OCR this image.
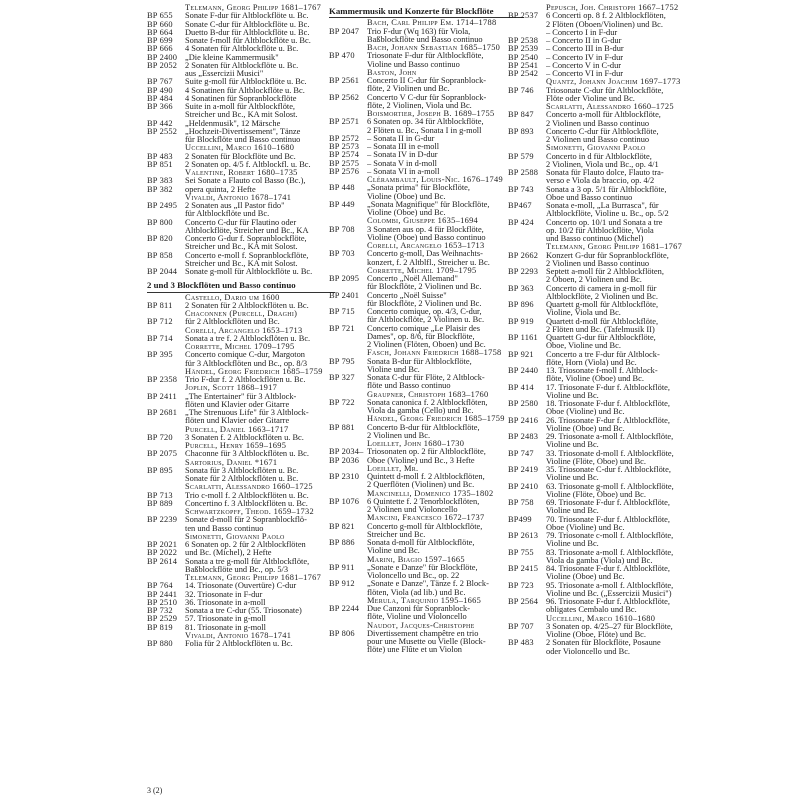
Telemann, Georg Philipp 1681–1767
BP 655	Sonate F-dur für Altblockflöte u. Bc.
BP 660	Sonate C-dur für Altblockflöte u. Bc.
BP 664	Duetto B-dur für Altblockflöte u. Bc.
BP 699	Sonate f-moll für Altblockflöte u. Bc.
BP 666	4 Sonaten für Altblockflöte u. Bc.
BP 2400 „Die kleine Kammermusik"
BP 2052 2 Sonaten für Altblockflöte u. Bc.
aus „Essercizii Musici"
BP 767	Suite g-moll für Altblockflöte u. Bc.
BP 490	4 Sonatinen für Altblockflöte u. Bc.
BP 484	4 Sonatinen für Sopranblockflöte
BP 366	Suite in a-moll für Altblockflöte,
Streicher und Bc., KA mit Solost.
BP 442	„Heldenmusik", 12 Märsche
BP 2552 „Hochzeit-Divertissement", Tänze
für Blockflöte und Basso continuo
Uccellini, Marco 1610–1680
BP 483	2 Sonaten für Blockflöte und Bc.
BP 851	2 Sonaten op. 4/5 f. Altblockfl. u. Bc.
Valentine, Robert 1680–1735
BP 383	Sei Sonate a Flauto col Basso (Bc.),
BP 382	opera quinta, 2 Hefte
Vivaldi, Antonio 1678–1741
BP 2495 2 Sonaten aus „Il Pastor fido"
für Altblockflöte und Bc.
BP 800	Concerto C-dur für Flautino oder
Altblockflöte, Streicher und Bc., KA
BP 820	Concerto G-dur f. Sopranblockflöte,
Streicher und Bc., KA mit Solost.
BP 858	Concerto e-moll f. Sopranblockflöte,
Streicher und Bc., KA mit Solost.
BP 2044 Sonate g-moll für Altblockflöte u. Bc.
2 und 3 Blockflöten und Basso continuo
Castello, Dario um 1600
BP 811	2 Sonaten für 2 Altblockflöten u. Bc.
Chaconnen (Purcell, Draghi)
BP 712	für 2 Altblockflöten und Bc.
Corelli, Arcangelo 1653–1713
BP 714	Sonata a tre f. 2 Altblockflöten u. Bc.
Corrette, Michel 1709–1795
BP 395	Concerto comique C-dur, Margoton
für 3 Altblockflöten und Bc., op. 8/3
Händel, Georg Friedrich 1685–1759
BP 2358 Trio F-dur f. 2 Altblockflöten u. Bc.
Joplin, Scott 1868–1917
BP 2411 „The Entertainer" für 3 Altblock-
flöten und Klavier oder Gitarre
BP 2681 „The Strenuous Life" für 3 Altblock-
flöten und Klavier oder Gitarre
Purcell, Daniel 1663–1717
BP 720	3 Sonaten f. 2 Altblockflöten u. Bc.
Purcell, Henry 1659–1695
BP 2075 Chaconne für 3 Altblockflöten u. Bc.
Sartorius, Daniel *1671
BP 895	Sonata für 3 Altblockflöten u. Bc.
Sonate für 2 Altblockflöten u. Bc.
Scarlatti, Alessandro 1660–1725
BP 713	Trio c-moll f. 2 Altblockflöten u. Bc.
BP 889	Concertino f. 3 Altblockflöten u. Bc.
Schwartzkopff, Theod. 1659–1732
BP 2239 Sonate d-moll für 2 Sopranblockflö-
ten und Basso continuo
Simonetti, Giovanni Paolo
BP 2021 6 Sonaten op. 2 für 2 Altblockflöten
BP 2022 und Bc. (Michel), 2 Hefte
BP 2614 Sonata a tre g-moll für Altblockflöte,
Baßblockflöte und Bc., op. 5/3
Telemann, Georg Philipp 1681–1767
BP 764	14. Triosonate (Ouvertüre) C-dur
BP 2441 32. Triosonate in F-dur
BP 2510 36. Triosonate in a-moll
BP 732	Sonata a tre C-dur (55. Triosonate)
BP 2529 57. Triosonate in g-moll
BP 819	81. Triosonate in g-moll
Vivaldi, Antonio 1678–1741
BP 880	Folia für 2 Altblockflöten u. Bc.
Kammermusik und Konzerte für Blockflöte
Bach, Carl Philipp Em. 1714–1788
BP 2047 Trio F-dur (Wq 163) für Viola,
Baßblockflöte und Basso continuo
Bach, Johann Sebastian 1685–1750
BP 470	Triosonate F-dur für Altblockflöte,
Violine und Basso continuo
Baston, John
BP 2561 Concerto II C-dur für Sopranblock-
flöte, 2 Violinen und Bc.
BP 2562 Concerto V C-dur für Sopranblock-
flöte, 2 Violinen, Viola und Bc.
Boismortier, Joseph B. 1689–1755
BP 2571 6 Sonaten op. 34 für Altblockflöte,
2 Flöten u. Bc., Sonata I in g-moll
BP 2572 – Sonata II in G-dur
BP 2573 – Sonata III in e-moll
BP 2574 – Sonata IV in D-dur
BP 2575 – Sonata V in d-moll
BP 2576 – Sonata VI in a-moll
Clérambault, Louis-Nic. 1676–1749
BP 448	„Sonata prima" für Blockflöte,
Violine (Oboe) und Bc.
BP 449	„Sonata Magnifique" für Blockflöte,
Violine (Oboe) und Bc.
Colombi, Giuseppe 1635–1694
BP 708	3 Sonaten aus op. 4 für Blockflöte,
Violine (Oboe) und Basso continuo
Corelli, Arcangelo 1653–1713
BP 703	Concerto g-moll, Das Weihnachts-
konzert, f. 2 Altblfl., Streicher u. Bc.
Corrette, Michel 1709–1795
BP 2095 Concerto „Noël Allemand"
für Blockflöte, 2 Violinen und Bc.
BP 2401 Concerto „Noël Suisse"
für Blockflöte, 2 Violinen und Bc.
BP 715	Concerto comique, op. 4/3, C-dur,
für Altblockflöte, 2 Violinen u. Bc.
BP 721	Concerto comique „Le Plaisir des
Dames", op. 8/6, für Blockflöte,
2 Violinen (Flöten, Oboen) und Bc.
Fasch, Johann Friedrich 1688–1758
BP 795	Sonata B-dur für Altblockflöte,
Violine und Bc.
BP 327	Sonata C-dur für Flöte, 2 Altblock-
flöte und Basso continuo
Graupner, Christoph 1683–1760
BP 722	Sonata canonica f. 2 Altblockflöten,
Viola da gamba (Cello) und Bc.
Händel, Georg Friedrich 1685–1759
BP 881	Concerto B-dur für Altblockflöte,
2 Violinen und Bc.
Loeillet, John 1680–1730
BP 2034– Triosonaten op. 2 für Altblockflöte,
BP 2036 Oboe (Violine) und Bc., 3 Hefte
Loeillet, Mr.
BP 2310 Quintett d-moll f. 2 Altblockflöten,
2 Querflöten (Violinen) und Bc.
Mancinelli, Domenico 1735–1802
BP 1076 6 Quintette f. 2 Tenorblockflöten,
2 Violinen und Violoncello
Mancini, Francesco 1672–1737
BP 821	Concerto g-moll für Altblockflöte,
Streicher und Bc.
BP 886	Sonata d-moll für Altblockflöte,
Violine und Bc.
Marini, Biagio 1597–1665
BP 911	„Sonate e Danze" für Blockflöte,
Violoncello und Bc., op. 22
BP 912	„Sonate e Danze", Tänze f. 2 Block-
flöten, Viola (ad lib.) und Bc.
Merula, Tarquinio 1595–1665
BP 2244 Due Canzoni für Sopranblock-
flöte, Violine und Violoncello
Naudot, Jacques-Christophe
BP 806	Divertissement champêtre en trio
pour une Musette ou Vielle (Block-
flöte) une Flûte et un Violon
Pepusch, Joh. Christoph 1667–1752
BP 2537 6 Concerti op. 8 f. 2 Altblockflöten,
2 Flöten (Oboen/Violinen) und Bc.
– Concerto I in F-dur
BP 2538 – Concerto II in G-dur
BP 2539 – Concerto III in B-dur
BP 2540 – Concerto IV in F-dur
BP 2541 – Concerto V in C-dur
BP 2542 – Concerto VI in F-dur
Quantz, Johann Joachim 1697–1773
BP 746	Triosonate C-dur für Altblockflöte,
Flöte oder Violine und Bc.
Scarlatti, Alessandro 1660–1725
BP 847	Concerto a-moll für Altblockflöte,
2 Violinen und Basso continuo
BP 893	Concerto C-dur für Altblockflöte,
2 Violinen und Basso continuo
Simonetti, Giovanni Paolo
BP 579	Concerto in d für Altblockflöte,
2 Violinen, Viola und Bc., op. 4/1
BP 2588 Sonata für Flauto dolce, Flauto tra-
verso e Viola da braccio, op. 4/2
BP 743	Sonata a 3 op. 5/1 für Altblockflöte,
Oboe und Basso continuo
BP467	Sonata e-moll, „La Burrasca", für
Altblockflöte, Violine u. Bc., op. 5/2
BP 424	Concerto op. 10/1 und Sonata a tre
op. 10/2 für Altblockflöte, Viola
und Basso continuo (Michel)
Telemann, Georg Philipp 1681–1767
BP 2662 Konzert G-dur für Sopranblockflöte,
2 Violinen und Basso continuo
BP 2293 Septett a-moll für 2 Altblockflöten,
2 Oboen, 2 Violinen und Bc.
BP 363	Concerto di camera in g-moll für
Altblockflöte, 2 Violinen und Bc.
BP 896	Quartett g-moll für Altblockflöte,
Violine, Viola und Bc.
BP 919	Quartett d-moll für Altblockflöte,
2 Flöten und Bc. (Tafelmusik II)
BP 1161 Quartett G-dur für Altblockflöte,
Oboe, Violine und Bc.
BP 921	Concerto a tre F-dur für Altblock-
flöte, Horn (Viola) und Bc.
BP 2440 13. Triosonate f-moll f. Altblock-
flöte, Violine (Oboe) und Bc.
BP 414	17. Triosonate F-dur f. Altblockflöte,
Violine und Bc.
BP 2580 18. Triosonate F-dur f. Altblockflöte,
Oboe (Violine) und Bc.
BP 2416 26. Triosonate F-dur f. Altblockflöte,
Violine (Oboe) und Bc.
BP 2483 29. Triosonate a-moll f. Altblockflöte,
Violine und Bc.
BP 747	33. Triosonate d-moll f. Altblockflöte,
Violine (Flöte, Oboe) und Bc.
BP 2419 35. Triosonate C-dur f. Altblockflöte,
Violine und Bc.
BP 2410 63. Triosonate g-moll f. Altblockflöte,
Violine (Flöte, Oboe) und Bc.
BP 758	69. Triosonate F-dur f. Altblockflöte,
Violine und Bc.
BP499	70. Triosonate F-dur f. Altblockflöte,
Oboe (Violine) und Bc.
BP 2613 79. Triosonate c-moll f. Altblockflöte,
Violine und Bc.
BP 755	83. Triosonate a-moll f. Altblockflöte,
Viola da gamba (Viola) und Bc.
BP 2415 84. Triosonate F-dur f. Altblockflöte,
Violine (Oboe) und Bc.
BP 723	95. Triosonate a-moll f. Altblockflöte,
Violine und Bc. („Essercizii Musici")
BP 2564 96. Triosonate F-dur f. Altblockflöte,
obligates Cembalo und Bc.
Uccellini, Marco 1610–1680
BP 707	3 Sonaten op. 4/25–27 für Blockflöte,
Violine (Oboe, Flöte) und Bc.
BP 483	2 Sonaten für Blockflöte, Posaune
oder Violoncello und Bc.
3 (2)
